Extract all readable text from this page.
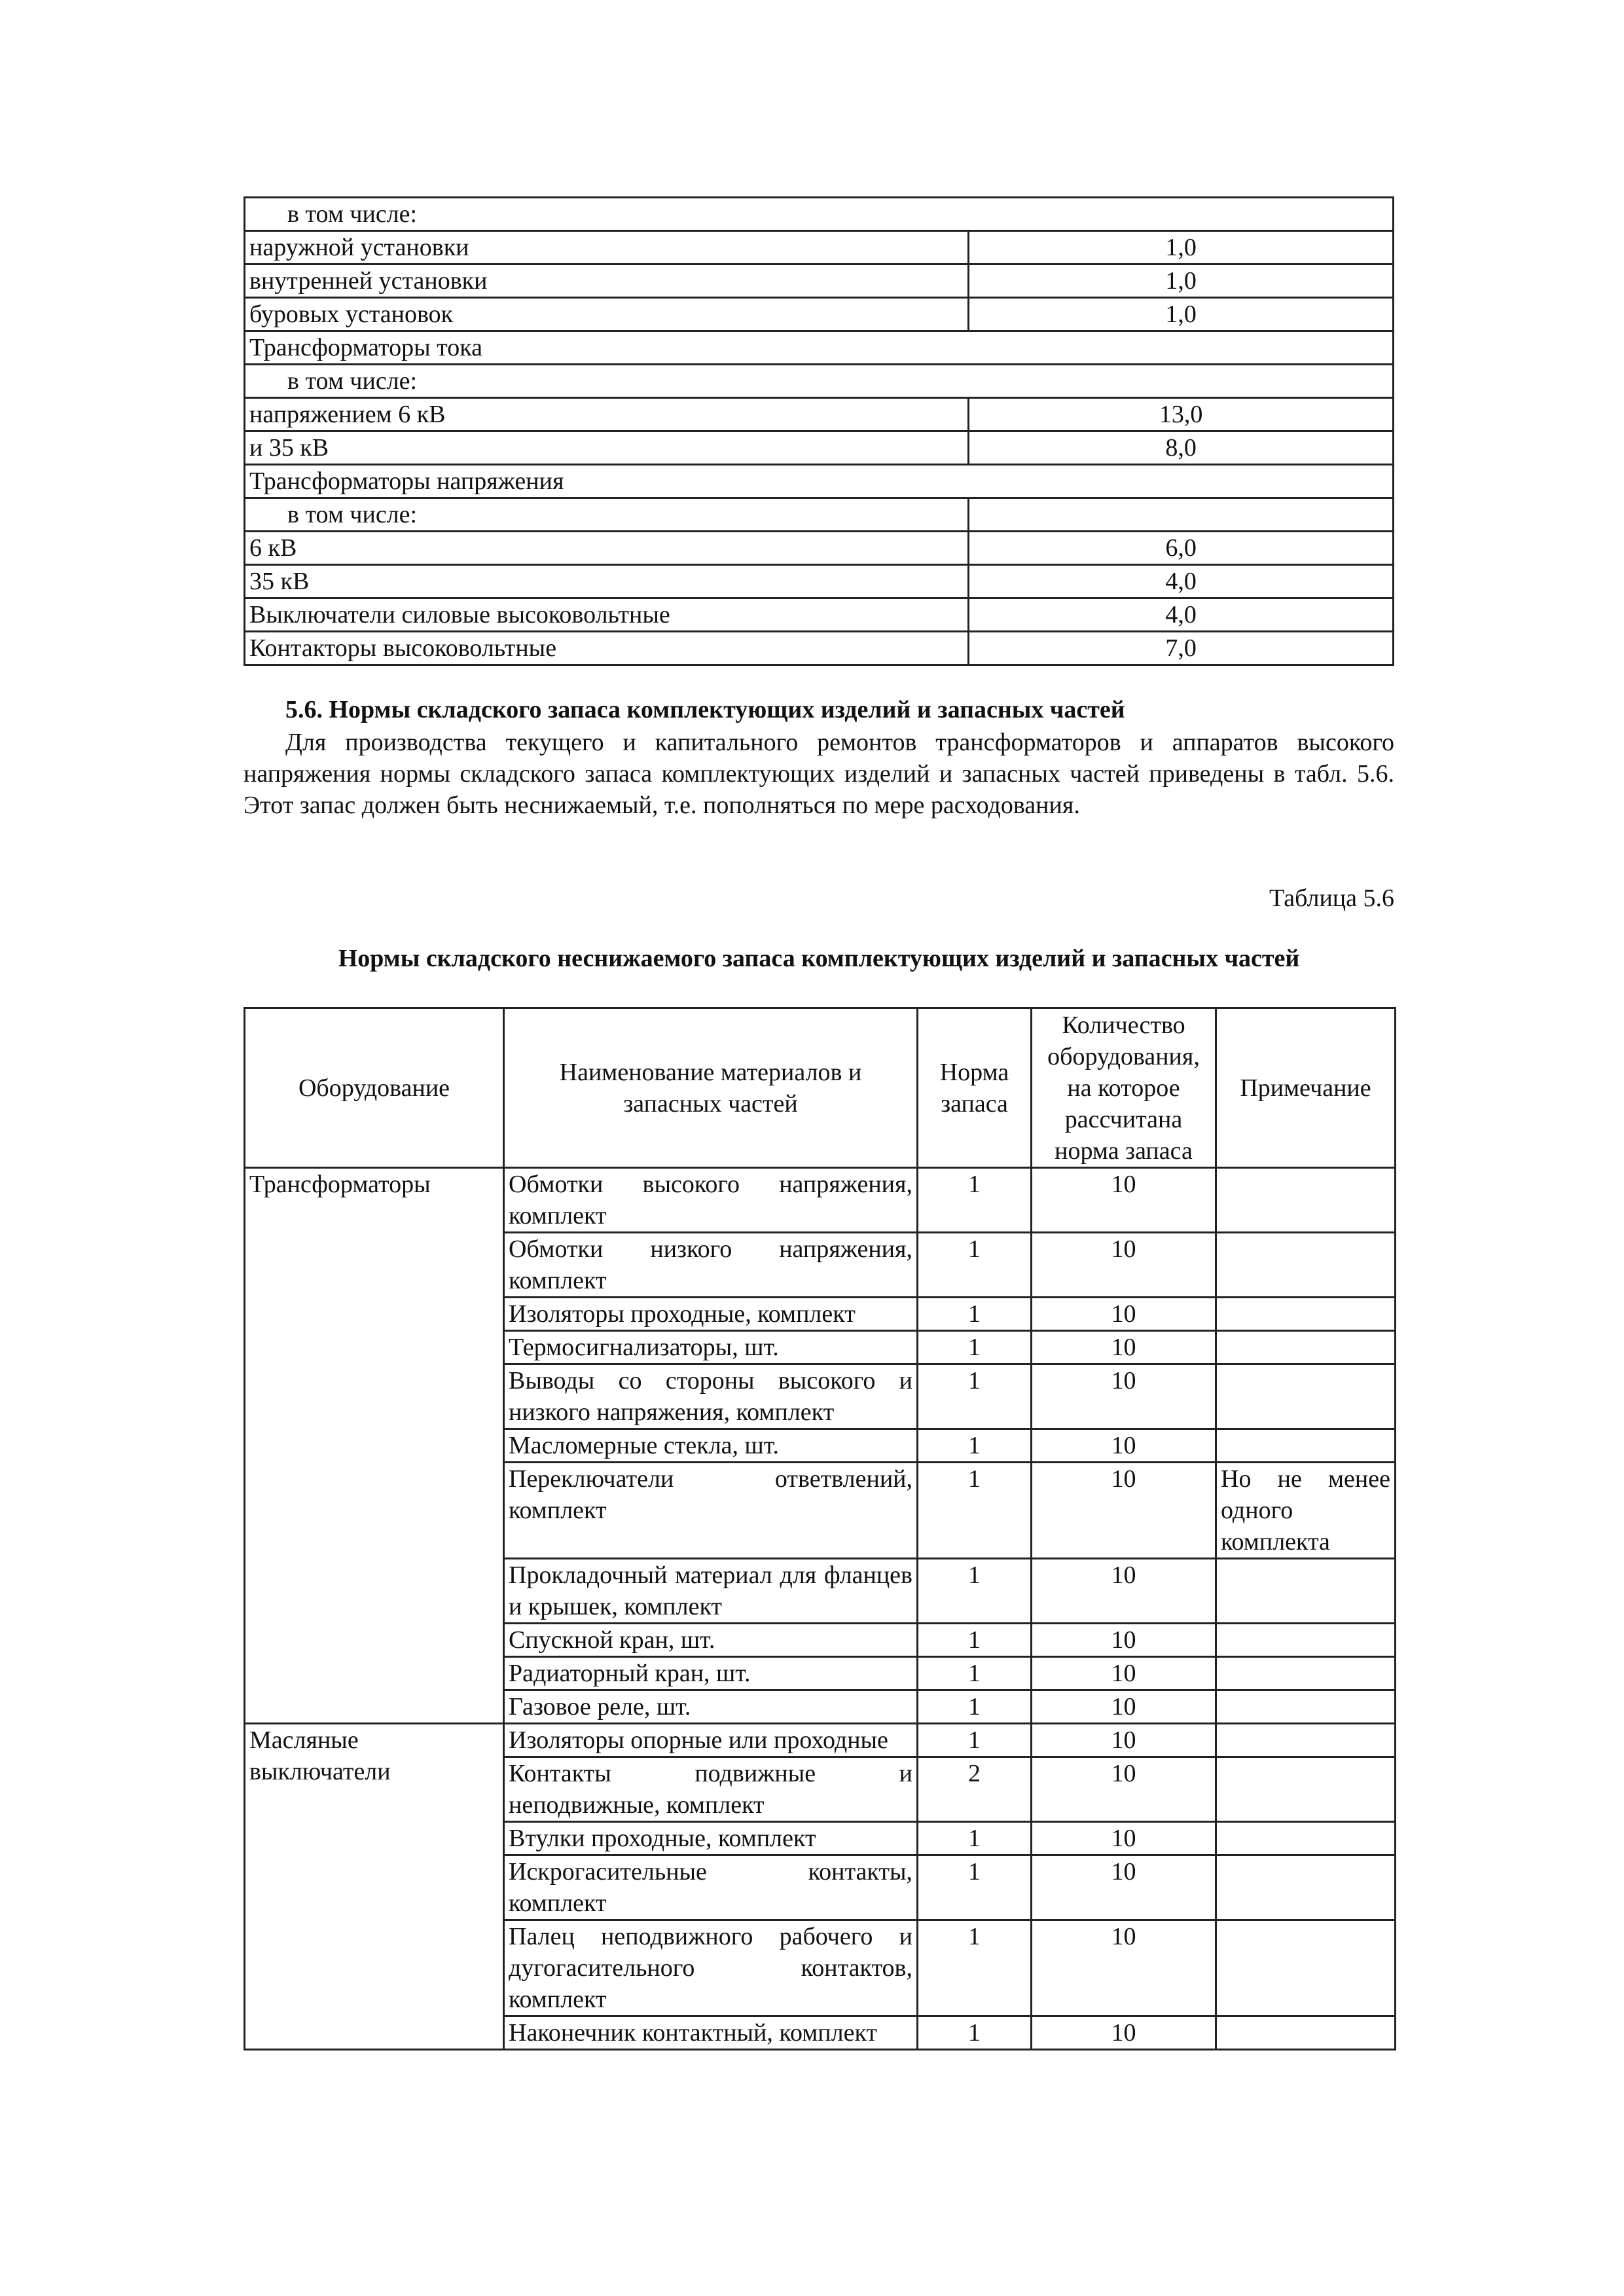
в том числе:	
наружной установки	1,0
внутренней установки	1,0
буровых установок	1,0
Трансформаторы тока	
в том числе:	
напряжением 6 кВ	13,0
и 35 кВ	8,0
Трансформаторы напряжения	
в том числе:	
6 кВ	6,0
35 кВ	4,0
Выключатели силовые высоковольтные	4,0
Контакторы высоковольтные	7,0
5.6. Нормы складского запаса комплектующих изделий и запасных частей
Для производства текущего и капитального ремонтов трансформаторов и аппаратов высокого напряжения нормы складского запаса комплектующих изделий и запасных частей приведены в табл. 5.6. Этот запас должен быть неснижаемый, т.е. пополняться по мере расходования.
Таблица 5.6
Нормы складского неснижаемого запаса комплектующих изделий и запасных частей
Оборудование	Наименование материалов и запасных частей	Норма запаса	Количество оборудования, на которое рассчитана норма запаса	Примечание
Трансформаторы	Обмотки высокого напряжения, комплект	1	10	
	Обмотки низкого напряжения, комплект	1	10	
	Изоляторы проходные, комплект	1	10	
	Термосигнализаторы, шт.	1	10	
	Выводы со стороны высокого и низкого напряжения, комплект	1	10	
	Масломерные стекла, шт.	1	10	
	Переключатели ответвлений, комплект	1	10	Но не менее одного комплекта
	Прокладочный материал для фланцев и крышек, комплект	1	10	
	Спускной кран, шт.	1	10	
	Радиаторный кран, шт.	1	10	
	Газовое реле, шт.	1	10	
Масляные выключатели	Изоляторы опорные или проходные	1	10	
	Контакты подвижные и неподвижные, комплект	2	10	
	Втулки проходные, комплект	1	10	
	Искрогасительные контакты, комплект	1	10	
	Палец неподвижного рабочего и дугогасительного контактов, комплект	1	10	
	Наконечник контактный, комплект	1	10	
